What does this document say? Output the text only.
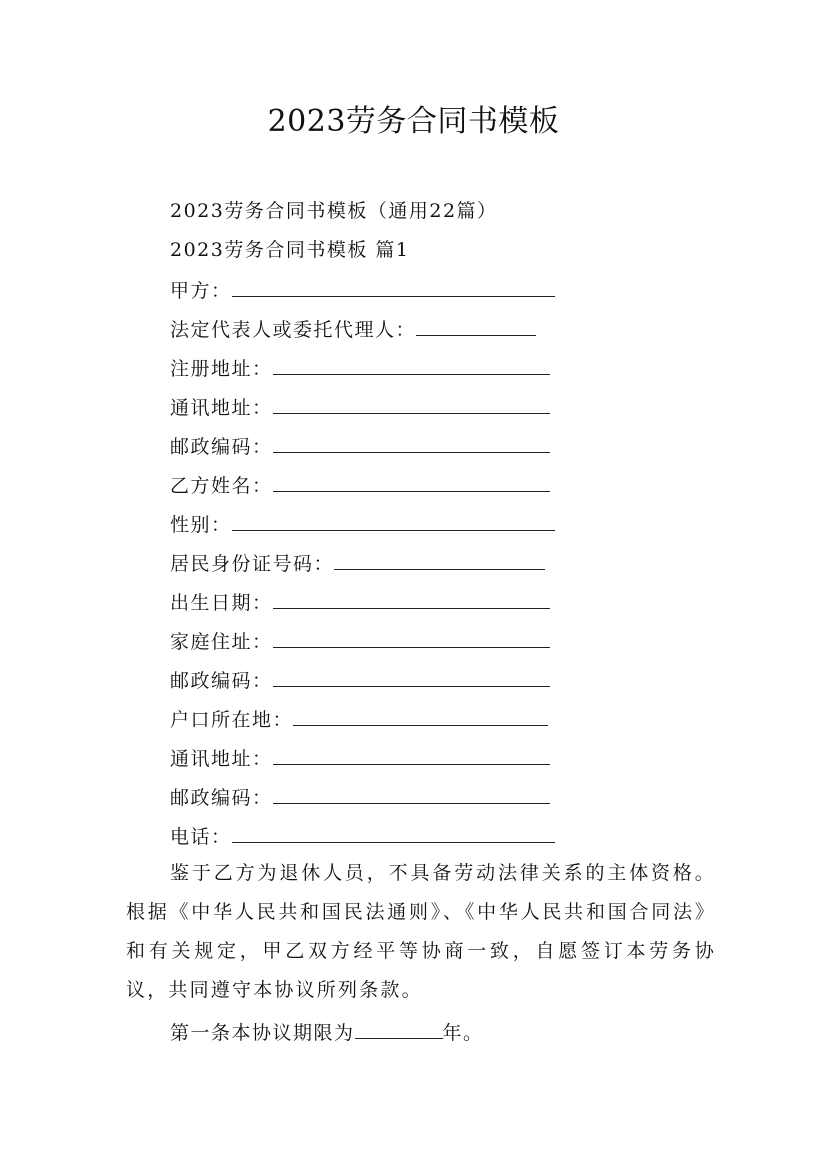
2023劳务合同书模板
2023劳务合同书模板（通用22篇）
2023劳务合同书模板 篇1
甲方：
法定代表人或委托代理人：
注册地址：
通讯地址：
邮政编码：
乙方姓名：
性别：
居民身份证号码：
出生日期：
家庭住址：
邮政编码：
户口所在地：
通讯地址：
邮政编码：
电话：
鉴于乙方为退休人员，不具备劳动法律关系的主体资格。根据《中华人民共和国民法通则》、《中华人民共和国合同法》和有关规定，甲乙双方经平等协商一致，自愿签订本劳务协议，共同遵守本协议所列条款。
第一条本协议期限为	年。
